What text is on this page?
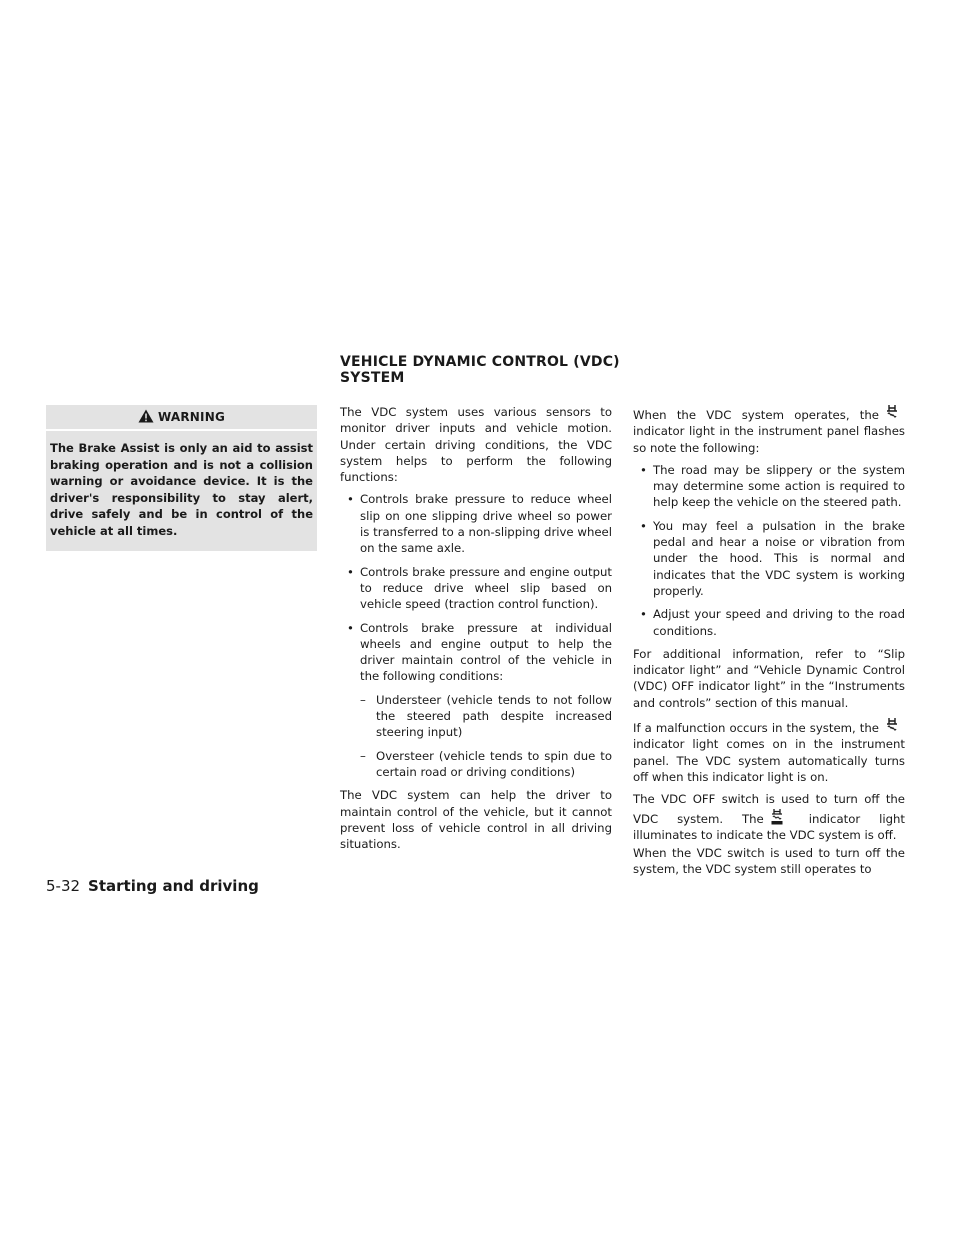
WARNING
The Brake Assist is only an aid to assist braking operation and is not a collision warning or avoidance device. It is the driver's responsibility to stay alert, drive safely and be in control of the vehicle at all times.
VEHICLE DYNAMIC CONTROL (VDC)
SYSTEM

The VDC system uses various sensors to monitor driver inputs and vehicle motion. Under certain driving conditions, the VDC system helps to perform the following functions:

• Controls brake pressure to reduce wheel slip on one slipping drive wheel so power is transferred to a non-slipping drive wheel on the same axle.
• Controls brake pressure and engine output to reduce drive wheel slip based on vehicle speed (traction control function).
• Controls brake pressure at individual wheels and engine output to help the driver maintain control of the vehicle in the following conditions:
– Understeer (vehicle tends to not follow the steered path despite increased steering input)
– Oversteer (vehicle tends to spin due to certain road or driving conditions)

The VDC system can help the driver to maintain control of the vehicle, but it cannot prevent loss of vehicle control in all driving situations.

When the VDC system operates, the indicator light in the instrument panel flashes so note the following:

• The road may be slippery or the system may determine some action is required to help keep the vehicle on the steered path.
• You may feel a pulsation in the brake pedal and hear a noise or vibration from under the hood. This is normal and indicates that the VDC system is working properly.
• Adjust your speed and driving to the road conditions.

For additional information, refer to “Slip indicator light” and “Vehicle Dynamic Control (VDC) OFF indicator light” in the “Instruments and controls” section of this manual.

If a malfunction occurs in the system, the indicator light comes on in the instrument panel. The VDC system automatically turns off when this indicator light is on.

The VDC OFF switch is used to turn off the VDC system. The	indicator light illuminates to indicate the VDC system is off.

When the VDC switch is used to turn off the system, the VDC system still operates to

5-32 Starting and driving
